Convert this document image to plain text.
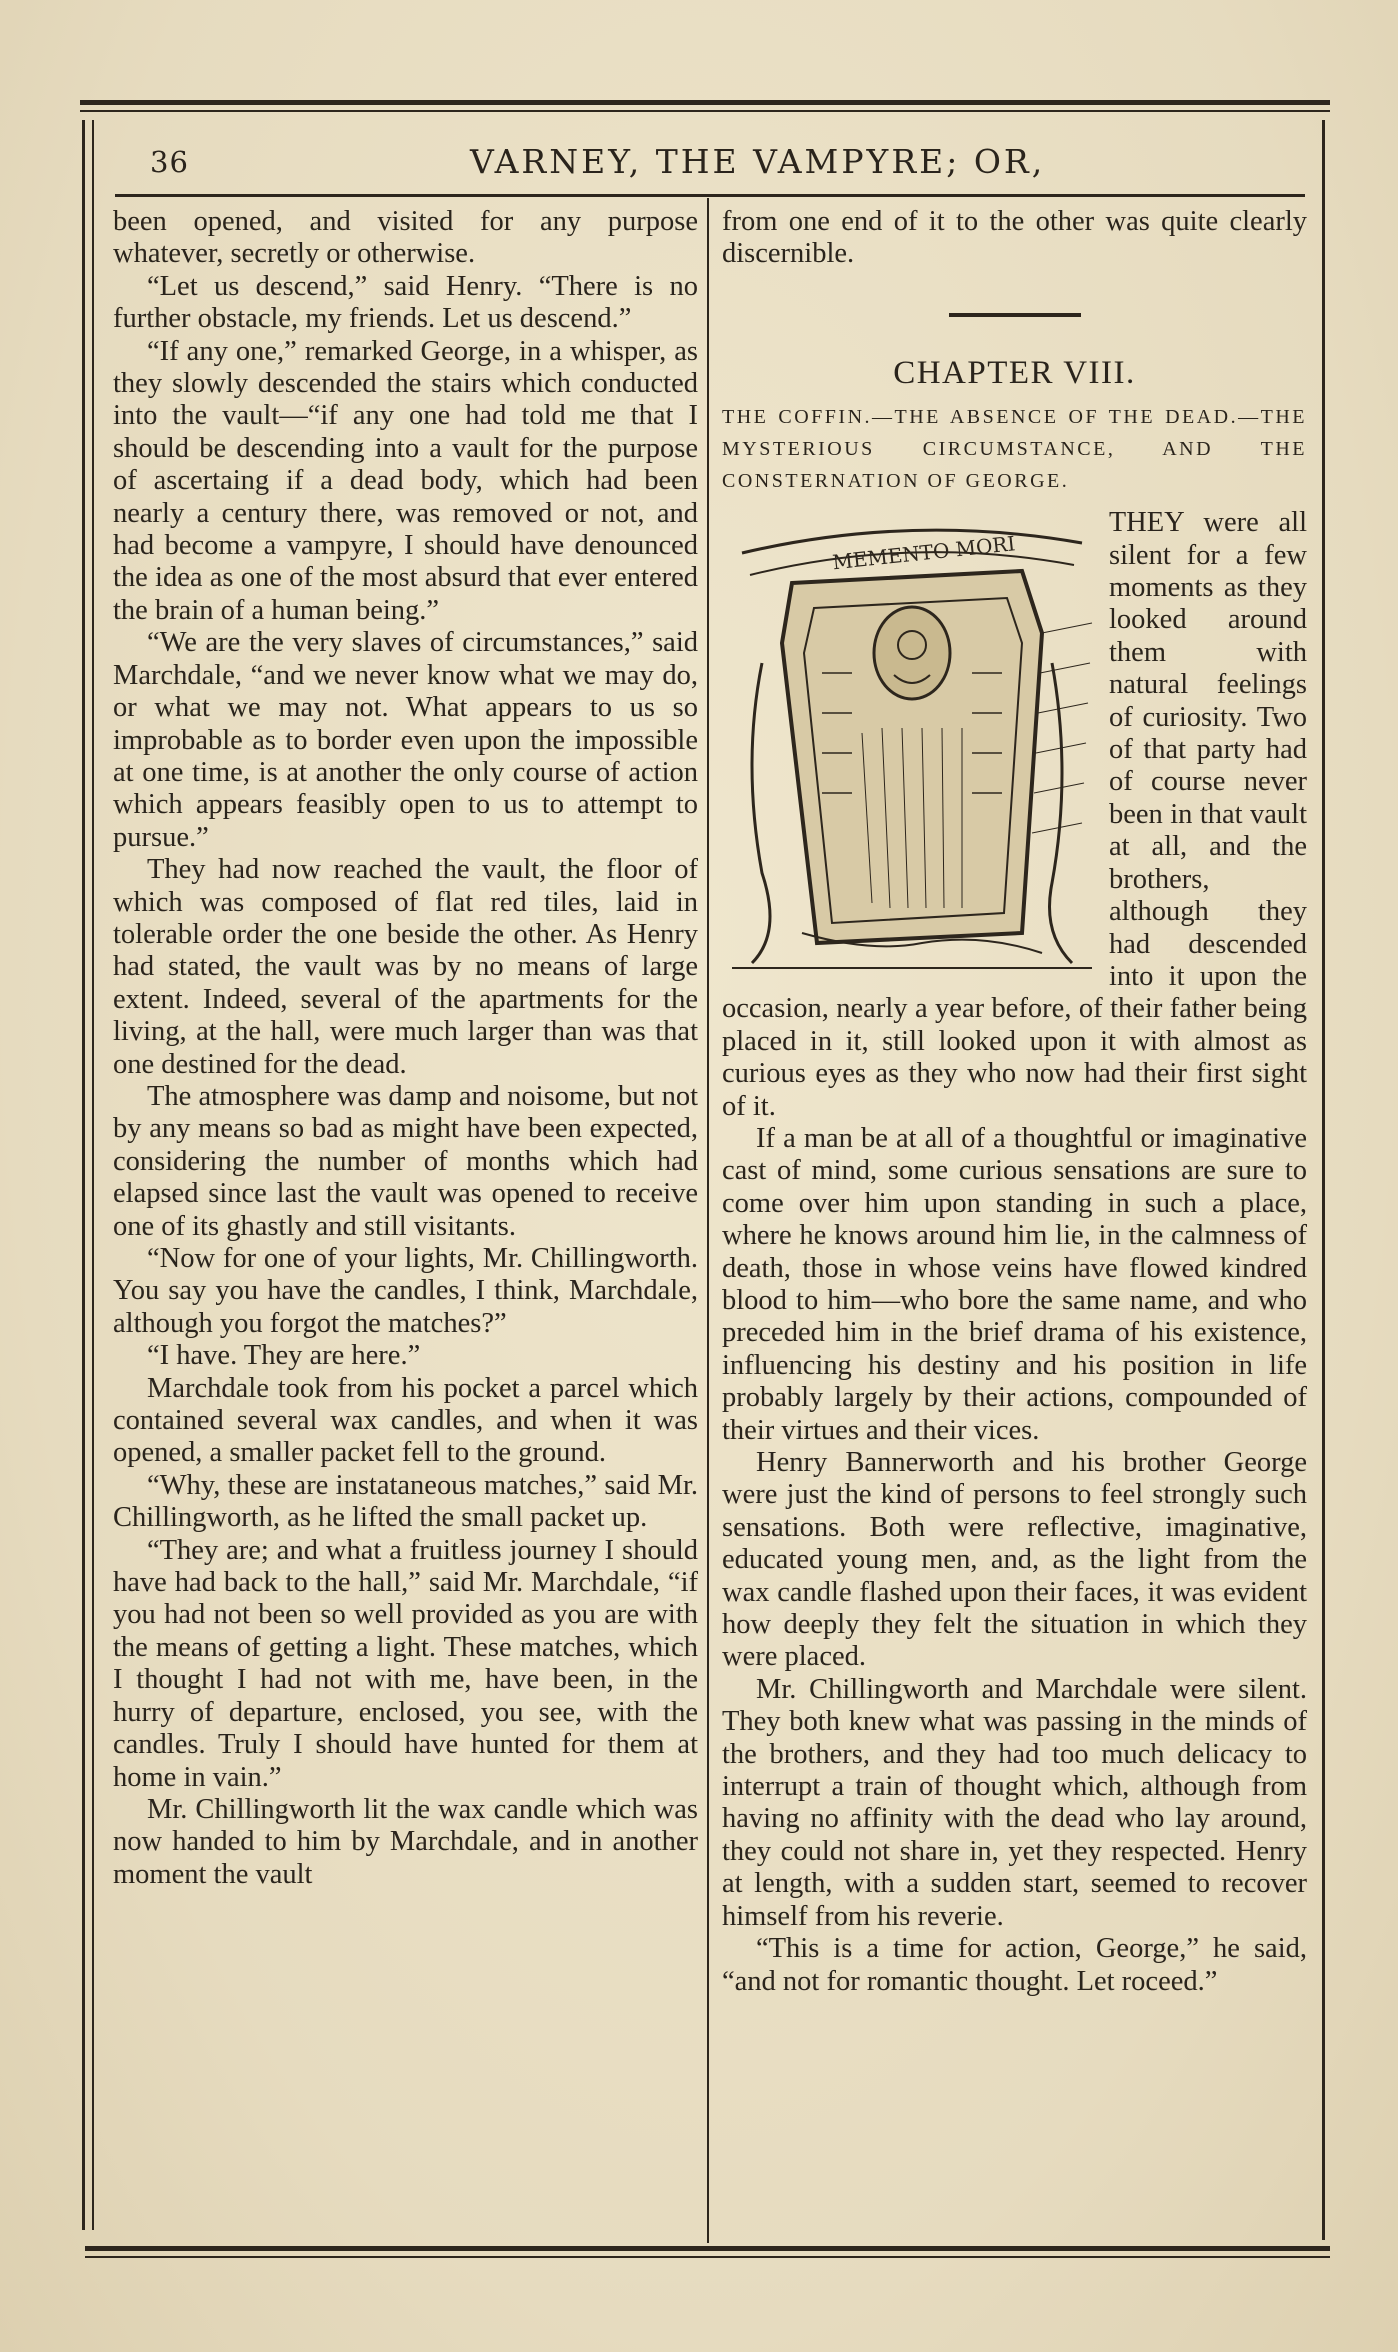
36	VARNEY, THE VAMPYRE; OR,

been opened, and visited for any purpose whatever, secretly or otherwise.

“Let us descend,” said Henry. “There is no further obstacle, my friends. Let us descend.”

“If any one,” remarked George, in a whisper, as they slowly descended the stairs which conducted into the vault—“if any one had told me that I should be descending into a vault for the purpose of ascertaing if a dead body, which had been nearly a century there, was removed or not, and had become a vampyre, I should have denounced the idea as one of the most absurd that ever entered the brain of a human being.”

“We are the very slaves of circumstances,” said Marchdale, “and we never know what we may do, or what we may not. What appears to us so improbable as to border even upon the impossible at one time, is at another the only course of action which appears feasibly open to us to attempt to pursue.”

They had now reached the vault, the floor of which was composed of flat red tiles, laid in tolerable order the one beside the other. As Henry had stated, the vault was by no means of large extent. Indeed, several of the apartments for the living, at the hall, were much larger than was that one destined for the dead.

The atmosphere was damp and noisome, but not by any means so bad as might have been expected, considering the number of months which had elapsed since last the vault was opened to receive one of its ghastly and still visitants.

“Now for one of your lights, Mr. Chillingworth. You say you have the candles, I think, Marchdale, although you forgot the matches?”

“I have. They are here.”

Marchdale took from his pocket a parcel which contained several wax candles, and when it was opened, a smaller packet fell to the ground.

“Why, these are instataneous matches,” said Mr. Chillingworth, as he lifted the small packet up.

“They are; and what a fruitless journey I should have had back to the hall,” said Mr. Marchdale, “if you had not been so well provided as you are with the means of getting a light. These matches, which I thought I had not with me, have been, in the hurry of departure, enclosed, you see, with the candles. Truly I should have hunted for them at home in vain.”

Mr. Chillingworth lit the wax candle which was now handed to him by Marchdale, and in another moment the vault

from one end of it to the other was quite clearly discernible.

CHAPTER VIII.
THE COFFIN.—THE ABSENCE OF THE DEAD.—THE MYSTERIOUS CIRCUMSTANCE, AND THE CONSTERNATION OF GEORGE.
MEMENTO MORI

THEY were all silent for a few moments as they looked around them with natural feelings of curiosity. Two of that party had of course never been in that vault at all, and the brothers, although they had descended into it upon the occasion, nearly a year before, of their father being placed in it, still looked upon it with almost as curious eyes as they who now had their first sight of it.

If a man be at all of a thoughtful or imaginative cast of mind, some curious sensations are sure to come over him upon standing in such a place, where he knows around him lie, in the calmness of death, those in whose veins have flowed kindred blood to him—who bore the same name, and who preceded him in the brief drama of his existence, influencing his destiny and his position in life probably largely by their actions, compounded of their virtues and their vices.

Henry Bannerworth and his brother George were just the kind of persons to feel strongly such sensations. Both were reflective, imaginative, educated young men, and, as the light from the wax candle flashed upon their faces, it was evident how deeply they felt the situation in which they were placed.

Mr. Chillingworth and Marchdale were silent. They both knew what was passing in the minds of the brothers, and they had too much delicacy to interrupt a train of thought which, although from having no affinity with the dead who lay around, they could not share in, yet they respected. Henry at length, with a sudden start, seemed to recover himself from his reverie.

“This is a time for action, George,” he said, “and not for romantic thought. Let roceed.”
